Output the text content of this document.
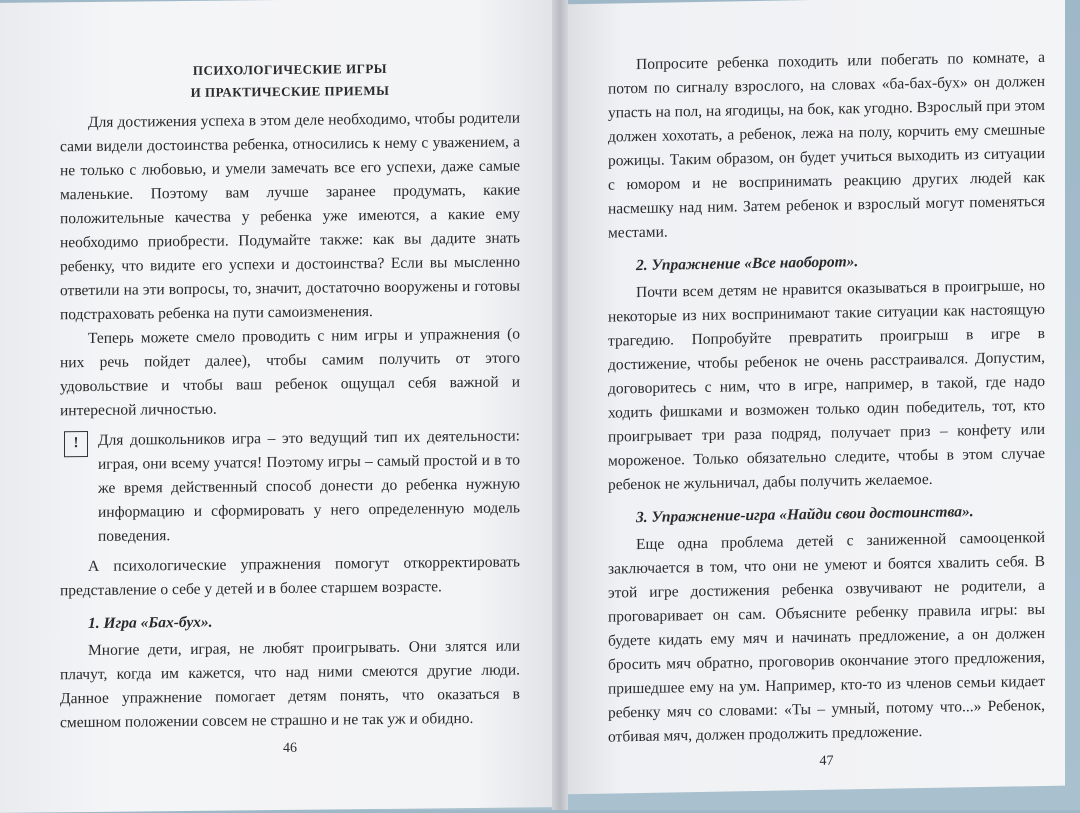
ПСИХОЛОГИЧЕСКИЕ ИГРЫ
И ПРАКТИЧЕСКИЕ ПРИЕМЫ

Для достижения успеха в этом деле необходимо, чтобы родители сами видели достоинства ребенка, относились к нему с уважением, а не только с любовью, и умели замечать все его успехи, даже самые маленькие. Поэтому вам лучше заранее продумать, какие положительные качества у ребенка уже имеются, а какие ему необходимо приобрести. Подумайте также: как вы дадите знать ребенку, что видите его успехи и достоинства? Если вы мысленно ответили на эти вопросы, то, значит, достаточно вооружены и готовы подстраховать ребенка на пути самоизменения.

Теперь можете смело проводить с ним игры и упражнения (о них речь пойдет далее), чтобы самим получить от этого удовольствие и чтобы ваш ребенок ощущал себя важной и интересной личностью.

!	Для дошкольников игра – это ведущий тип их деятельности: играя, они всему учатся! Поэтому игры – самый простой и в то же время действенный способ донести до ребенка нужную информацию и сформировать у него определенную модель поведения.

А психологические упражнения помогут откорректировать представление о себе у детей и в более старшем возрасте.

1. Игра «Бах-бух».

Многие дети, играя, не любят проигрывать. Они злятся или плачут, когда им кажется, что над ними смеются другие люди. Данное упражнение помогает детям понять, что оказаться в смешном положении совсем не страшно и не так уж и обидно.

46

Попросите ребенка походить или побегать по комнате, а потом по сигналу взрослого, на словах «ба-бах-бух» он должен упасть на пол, на ягодицы, на бок, как угодно. Взрослый при этом должен хохотать, а ребенок, лежа на полу, корчить ему смешные рожицы. Таким образом, он будет учиться выходить из ситуации с юмором и не воспринимать реакцию других людей как насмешку над ним. Затем ребенок и взрослый могут поменяться местами.

2. Упражнение «Все наоборот».

Почти всем детям не нравится оказываться в проигрыше, но некоторые из них воспринимают такие ситуации как настоящую трагедию. Попробуйте превратить проигрыш в игре в достижение, чтобы ребенок не очень расстраивался. Допустим, договоритесь с ним, что в игре, например, в такой, где надо ходить фишками и возможен только один победитель, тот, кто проигрывает три раза подряд, получает приз – конфету или мороженое. Только обязательно следите, чтобы в этом случае ребенок не жульничал, дабы получить желаемое.

3. Упражнение-игра «Найди свои достоинства».

Еще одна проблема детей с заниженной самооценкой заключается в том, что они не умеют и боятся хвалить себя. В этой игре достижения ребенка озвучивают не родители, а проговаривает он сам. Объясните ребенку правила игры: вы будете кидать ему мяч и начинать предложение, а он должен бросить мяч обратно, проговорив окончание этого предложения, пришедшее ему на ум. Например, кто-то из членов семьи кидает ребенку мяч со словами: «Ты – умный, потому что...» Ребенок, отбивая мяч, должен продолжить предложение.

47
